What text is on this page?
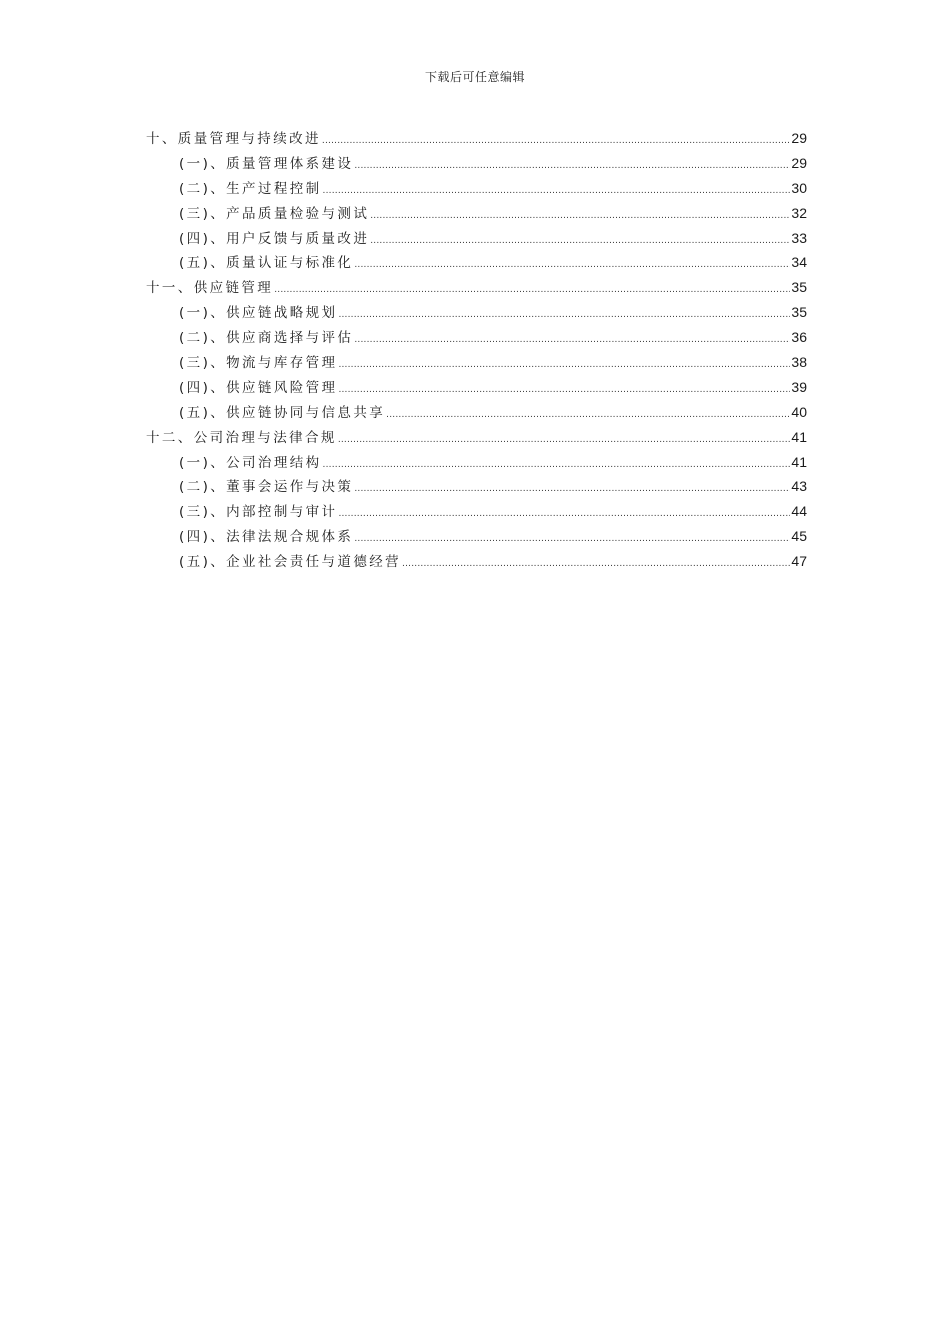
下载后可任意编辑
十、质量管理与持续改进 .....	29
(一)、质量管理体系建设 .....	29
(二)、生产过程控制 .....	30
(三)、产品质量检验与测试 .....	32
(四)、用户反馈与质量改进 .....	33
(五)、质量认证与标准化 .....	34
十一、供应链管理 .....	35
(一)、供应链战略规划 .....	35
(二)、供应商选择与评估 .....	36
(三)、物流与库存管理 .....	38
(四)、供应链风险管理 .....	39
(五)、供应链协同与信息共享 .....	40
十二、公司治理与法律合规 .....	41
(一)、公司治理结构 .....	41
(二)、董事会运作与决策 .....	43
(三)、内部控制与审计 .....	44
(四)、法律法规合规体系 .....	45
(五)、企业社会责任与道德经营 .....	47
